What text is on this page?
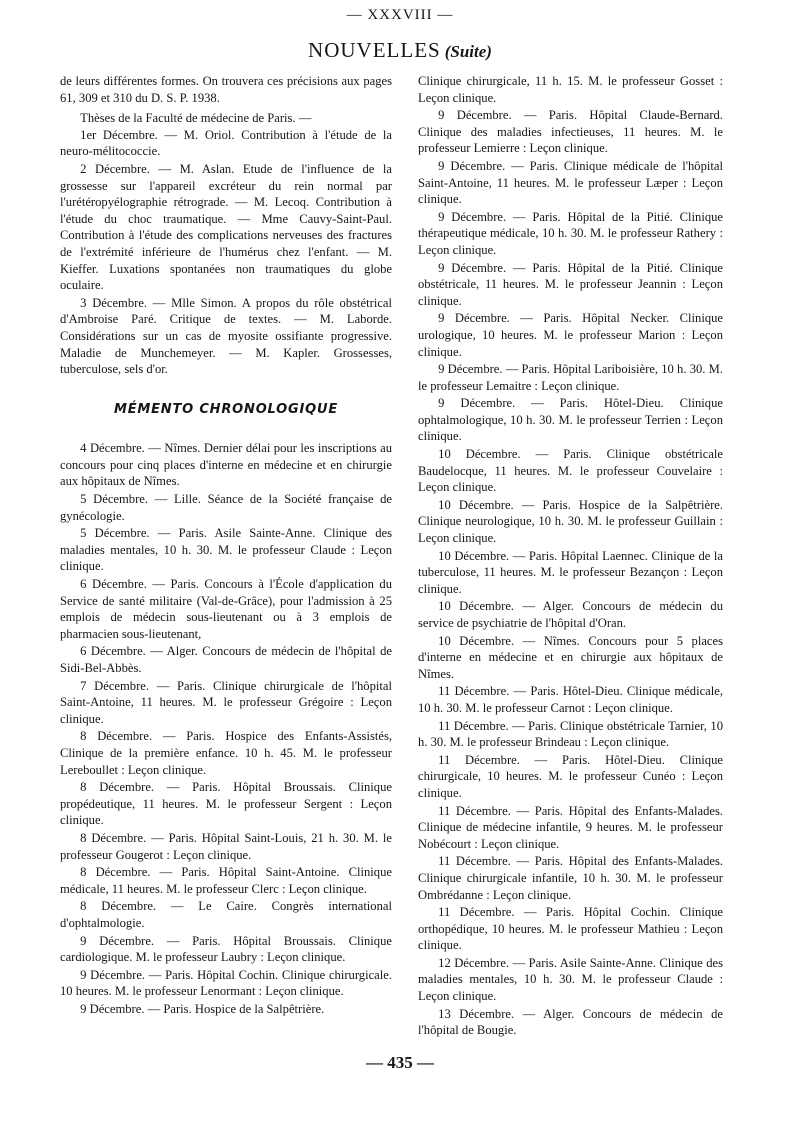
— XXXVIII —
NOUVELLES (Suite)

de leurs différentes formes. On trouvera ces précisions aux pages 61, 309 et 310 du D. S. P. 1938.

Thèses de la Faculté de médecine de Paris. —

1er Décembre. — M. Oriol. Contribution à l'étude de la neuro-mélitococcie.

2 Décembre. — M. Aslan. Etude de l'influence de la grossesse sur l'appareil excréteur du rein normal par l'urétéropyélographie rétrograde. — M. Lecoq. Contribution à l'étude du choc traumatique. — Mme Cauvy-Saint-Paul. Contribution à l'étude des complications nerveuses des fractures de l'extrémité inférieure de l'humérus chez l'enfant. — M. Kieffer. Luxations spontanées non traumatiques du globe oculaire.

3 Décembre. — Mlle Simon. A propos du rôle obstétrical d'Ambroise Paré. Critique de textes. — M. Laborde. Considérations sur un cas de myosite ossifiante progressive. Maladie de Munchemeyer. — M. Kapler. Grossesses, tuberculose, sels d'or.

MÉMENTO CHRONOLOGIQUE

4 Décembre. — Nîmes. Dernier délai pour les inscriptions au concours pour cinq places d'interne en médecine et en chirurgie aux hôpitaux de Nîmes.

5 Décembre. — Lille. Séance de la Société française de gynécologie.

5 Décembre. — Paris. Asile Sainte-Anne. Clinique des maladies mentales, 10 h. 30. M. le professeur Claude : Leçon clinique.

6 Décembre. — Paris. Concours à l'École d'application du Service de santé militaire (Val-de-Grâce), pour l'admission à 25 emplois de médecin sous-lieutenant ou à 3 emplois de pharmacien sous-lieutenant,

6 Décembre. — Alger. Concours de médecin de l'hôpital de Sidi-Bel-Abbès.

7 Décembre. — Paris. Clinique chirurgicale de l'hôpital Saint-Antoine, 11 heures. M. le professeur Grégoire : Leçon clinique.

8 Décembre. — Paris. Hospice des Enfants-Assistés, Clinique de la première enfance. 10 h. 45. M. le professeur Lereboullet : Leçon clinique.

8 Décembre. — Paris. Hôpital Broussais. Clinique propédeutique, 11 heures. M. le professeur Sergent : Leçon clinique.

8 Décembre. — Paris. Hôpital Saint-Louis, 21 h. 30. M. le professeur Gougerot : Leçon clinique.

8 Décembre. — Paris. Hôpital Saint-Antoine. Clinique médicale, 11 heures. M. le professeur Clerc : Leçon clinique.

8 Décembre. — Le Caire. Congrès international d'ophtalmologie.

9 Décembre. — Paris. Hôpital Broussais. Clinique cardiologique. M. le professeur Laubry : Leçon clinique.

9 Décembre. — Paris. Hôpital Cochin. Clinique chirurgicale. 10 heures. M. le professeur Lenormant : Leçon clinique.

9 Décembre. — Paris. Hospice de la Salpêtrière.

Clinique chirurgicale, 11 h. 15. M. le professeur Gosset : Leçon clinique.

9 Décembre. — Paris. Hôpital Claude-Bernard. Clinique des maladies infectieuses, 11 heures. M. le professeur Lemierre : Leçon clinique.

9 Décembre. — Paris. Clinique médicale de l'hôpital Saint-Antoine, 11 heures. M. le professeur Læper : Leçon clinique.

9 Décembre. — Paris. Hôpital de la Pitié. Clinique thérapeutique médicale, 10 h. 30. M. le professeur Rathery : Leçon clinique.

9 Décembre. — Paris. Hôpital de la Pitié. Clinique obstétricale, 11 heures. M. le professeur Jeannin : Leçon clinique.

9 Décembre. — Paris. Hôpital Necker. Clinique urologique, 10 heures. M. le professeur Marion : Leçon clinique.

9 Décembre. — Paris. Hôpital Lariboisière, 10 h. 30. M. le professeur Lemaitre : Leçon clinique.

9 Décembre. — Paris. Hôtel-Dieu. Clinique ophtalmologique, 10 h. 30. M. le professeur Terrien : Leçon clinique.

10 Décembre. — Paris. Clinique obstétricale Baudelocque, 11 heures. M. le professeur Couvelaire : Leçon clinique.

10 Décembre. — Paris. Hospice de la Salpêtrière. Clinique neurologique, 10 h. 30. M. le professeur Guillain : Leçon clinique.

10 Décembre. — Paris. Hôpital Laennec. Clinique de la tuberculose, 11 heures. M. le professeur Bezançon : Leçon clinique.

10 Décembre. — Alger. Concours de médecin du service de psychiatrie de l'hôpital d'Oran.

10 Décembre. — Nîmes. Concours pour 5 places d'interne en médecine et en chirurgie aux hôpitaux de Nîmes.

11 Décembre. — Paris. Hôtel-Dieu. Clinique médicale, 10 h. 30. M. le professeur Carnot : Leçon clinique.

11 Décembre. — Paris. Clinique obstétricale Tarnier, 10 h. 30. M. le professeur Brindeau : Leçon clinique.

11 Décembre. — Paris. Hôtel-Dieu. Clinique chirurgicale, 10 heures. M. le professeur Cunéo : Leçon clinique.

11 Décembre. — Paris. Hôpital des Enfants-Malades. Clinique de médecine infantile, 9 heures. M. le professeur Nobécourt : Leçon clinique.

11 Décembre. — Paris. Hôpital des Enfants-Malades. Clinique chirurgicale infantile, 10 h. 30. M. le professeur Ombrédanne : Leçon clinique.

11 Décembre. — Paris. Hôpital Cochin. Clinique orthopédique, 10 heures. M. le professeur Mathieu : Leçon clinique.

12 Décembre. — Paris. Asile Sainte-Anne. Clinique des maladies mentales, 10 h. 30. M. le professeur Claude : Leçon clinique.

13 Décembre. — Alger. Concours de médecin de l'hôpital de Bougie.

— 435 —
